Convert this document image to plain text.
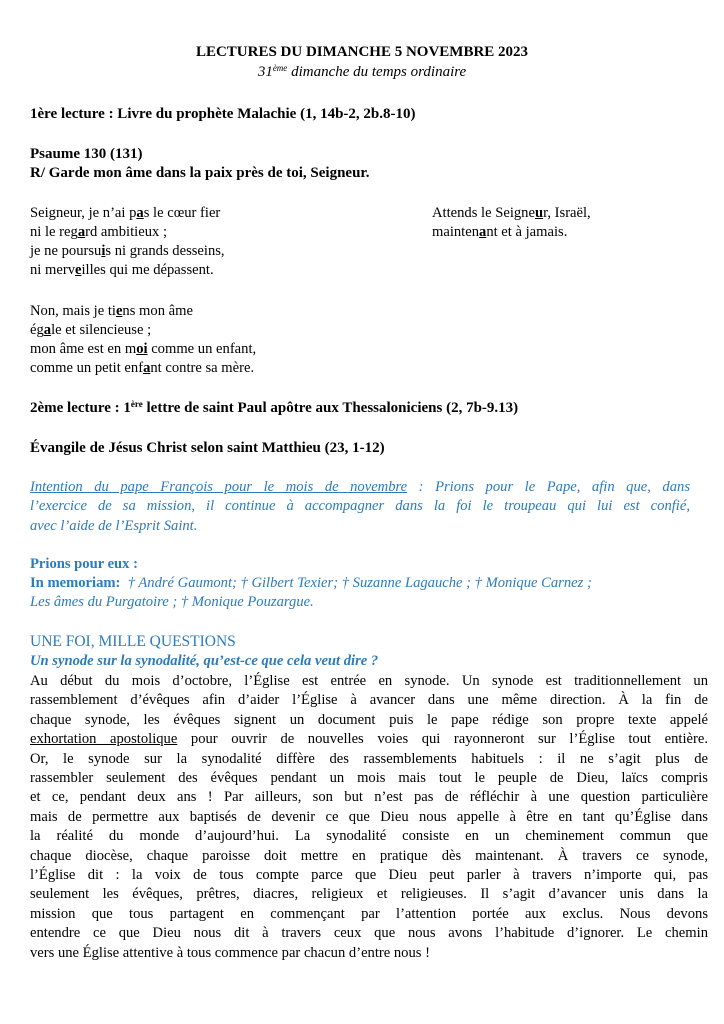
LECTURES DU DIMANCHE 5 NOVEMBRE 2023
31ème dimanche du temps ordinaire
1ère lecture : Livre du prophète Malachie (1, 14b-2, 2b.8-10)
Psaume 130 (131)
R/ Garde mon âme dans la paix près de toi, Seigneur.
Seigneur, je n’ai pas le cœur fier
ni le regard ambitieux ;
je ne poursuis ni grands desseins,
ni merveilles qui me dépassent.
Non, mais je tiens mon âme
égale et silencieuse ;
mon âme est en moi comme un enfant,
comme un petit enfant contre sa mère.
Attends le Seigneur, Israël,
maintenant et à jamais.
2ème lecture : 1ère lettre de saint Paul apôtre aux Thessaloniciens (2, 7b-9.13)
Évangile de Jésus Christ selon saint Matthieu (23, 1-12)
Intention du pape François pour le mois de novembre : Prions pour le Pape, afin que, dans
l’exercice de sa mission, il continue à accompagner dans la foi le troupeau qui lui est confié,
avec l’aide de l’Esprit Saint.
Prions pour eux :
In memoriam:  † André Gaumont; † Gilbert Texier; † Suzanne Lagauche ; † Monique Carnez ;
Les âmes du Purgatoire ; † Monique Pouzargue.
UNE FOI, MILLE QUESTIONS
Un synode sur la synodalité, qu’est-ce que cela veut dire ?
Au début du mois d’octobre, l’Église est entrée en synode. Un synode est traditionnellement un
rassemblement d’évêques afin d’aider l’Église à avancer dans une même direction. À la fin de
chaque synode, les évêques signent un document puis le pape rédige son propre texte appelé
exhortation apostolique pour ouvrir de nouvelles voies qui rayonneront sur l’Église tout entière.
Or, le synode sur la synodalité diffère des rassemblements habituels : il ne s’agit plus de
rassembler seulement des évêques pendant un mois mais tout le peuple de Dieu, laïcs compris
et ce, pendant deux ans ! Par ailleurs, son but n’est pas de réfléchir à une question particulière
mais de permettre aux baptisés de devenir ce que Dieu nous appelle à être en tant qu’Église dans
la réalité du monde d’aujourd’hui. La synodalité consiste en un cheminement commun que
chaque diocèse, chaque paroisse doit mettre en pratique dès maintenant. À travers ce synode,
l’Église dit : la voix de tous compte parce que Dieu peut parler à travers n’importe qui, pas
seulement les évêques, prêtres, diacres, religieux et religieuses. Il s’agit d’avancer unis dans la
mission que tous partagent en commençant par l’attention portée aux exclus. Nous devons
entendre ce que Dieu nous dit à travers ceux que nous avons l’habitude d’ignorer. Le chemin
vers une Église attentive à tous commence par chacun d’entre nous !
